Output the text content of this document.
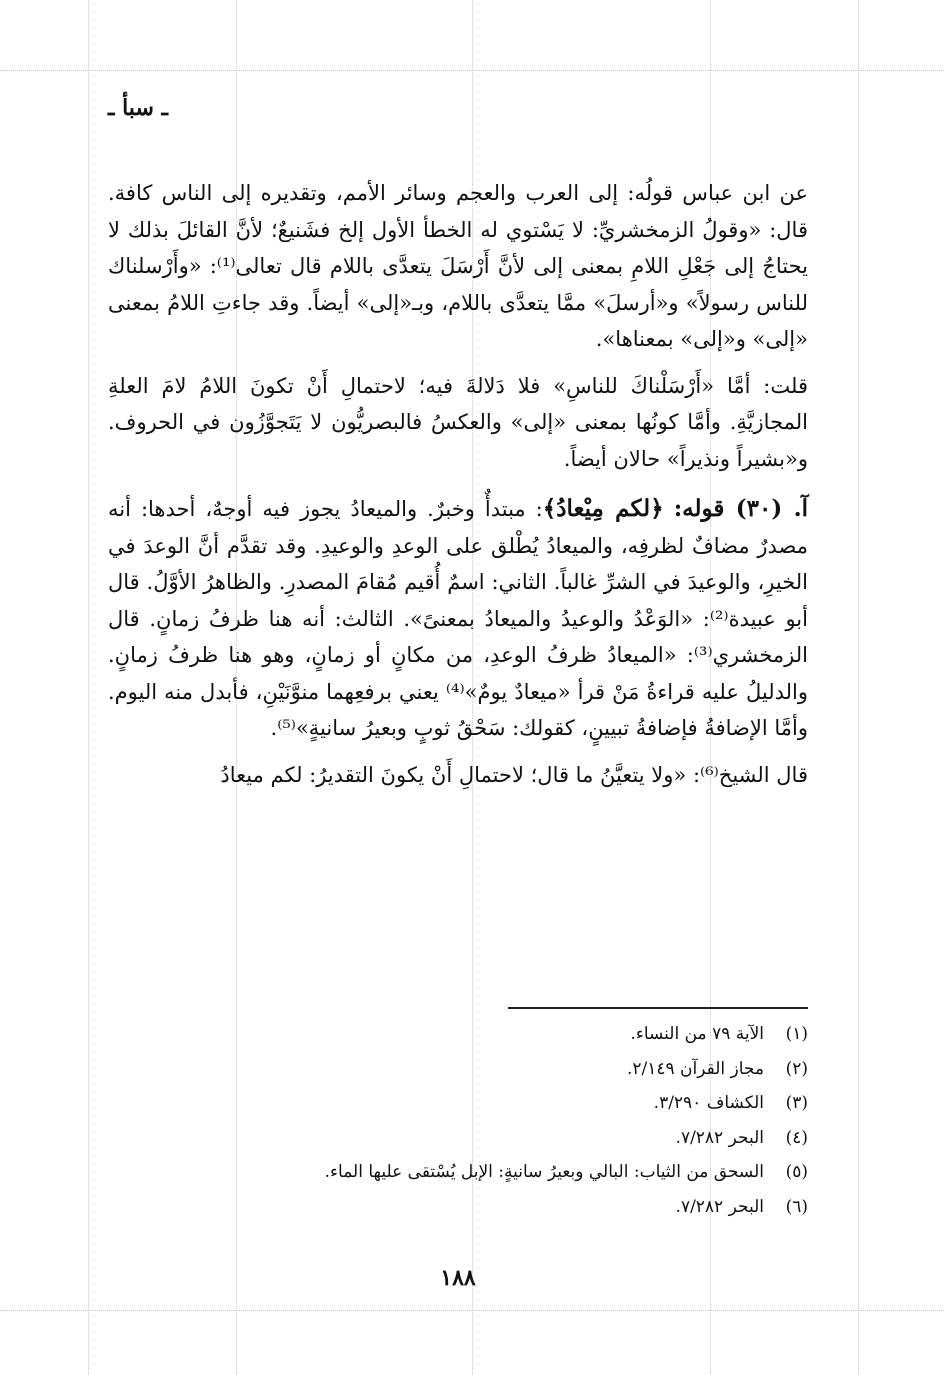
ـ سبأ ـ

عن ابن عباس قولُه: إلى العرب والعجم وسائر الأمم، وتقديره إلى الناس كافة. قال: «وقولُ الزمخشريِّ: لا يَسْتوي له الخطأ الأول إلخ فشَنيعٌ؛ لأنَّ القائلَ بذلك لا يحتاجُ إلى جَعْلِ اللامِ بمعنى إلى لأنَّ أَرْسَلَ يتعدَّى باللام قال تعالى⁽¹⁾: «وأَرْسلناك للناس رسولاً» و«أرسلَ» ممَّا يتعدَّى باللام، وبـ«إلى» أيضاً. وقد جاءتِ اللامُ بمعنى «إلى» و«إلى» بمعناها».

قلت: أمَّا «أَرْسَلْناكَ للناسِ» فلا دَلالةَ فيه؛ لاحتمالِ أَنْ تكونَ اللامُ لامَ العلةِ المجازيَّةِ. وأمَّا كونُها بمعنى «إلى» والعكسُ فالبصريُّون لا يَتَجوَّزُون في الحروف. و«بشيراً ونذيراً» حالان أيضاً.

آ. (٣٠) قوله: ﴿لكم مِيْعادُ﴾: مبتدأٌ وخبرٌ. والميعادُ يجوز فيه أوجهٌ، أحدها: أنه مصدرٌ مضافٌ لظرفِه، والميعادُ يُطْلق على الوعدِ والوعيدِ. وقد تقدَّم أنَّ الوعدَ في الخيرِ، والوعيدَ في الشرِّ غالباً. الثاني: اسمٌ أُقيم مُقامَ المصدرِ. والظاهرُ الأوَّلُ. قال أبو عبيدة⁽²⁾: «الوَعْدُ والوعيدُ والميعادُ بمعنىً». الثالث: أنه هنا ظرفُ زمانٍ. قال الزمخشري⁽³⁾: «الميعادُ ظرفُ الوعدِ، من مكانٍ أو زمانٍ، وهو هنا ظرفُ زمانٍ. والدليلُ عليه قراءةُ مَنْ قرأ «ميعادٌ يومٌ»⁽⁴⁾ يعني برفعِهما منوَّنَيْنِ، فأبدل منه اليوم. وأمَّا الإضافةُ فإضافةُ تبيينٍ، كقولك: سَحْقُ ثوبٍ وبعيرُ سانيةٍ»⁽⁵⁾.

قال الشيخ⁽⁶⁾: «ولا يتعيَّنُ ما قال؛ لاحتمالِ أَنْ يكونَ التقديرُ: لكم ميعادُ

(١)
الآية ٧٩ من النساء.
(٢)
مجاز القرآن ٢/١٤٩.
(٣)
الكشاف ٣/٢٩٠.
(٤)
البحر ٧/٢٨٢.
(٥)
السحق من الثياب: البالي وبعيرُ سانيةٍ: الإبل يُسْتقى عليها الماء.
(٦)
البحر ٧/٢٨٢.
١٨٨
